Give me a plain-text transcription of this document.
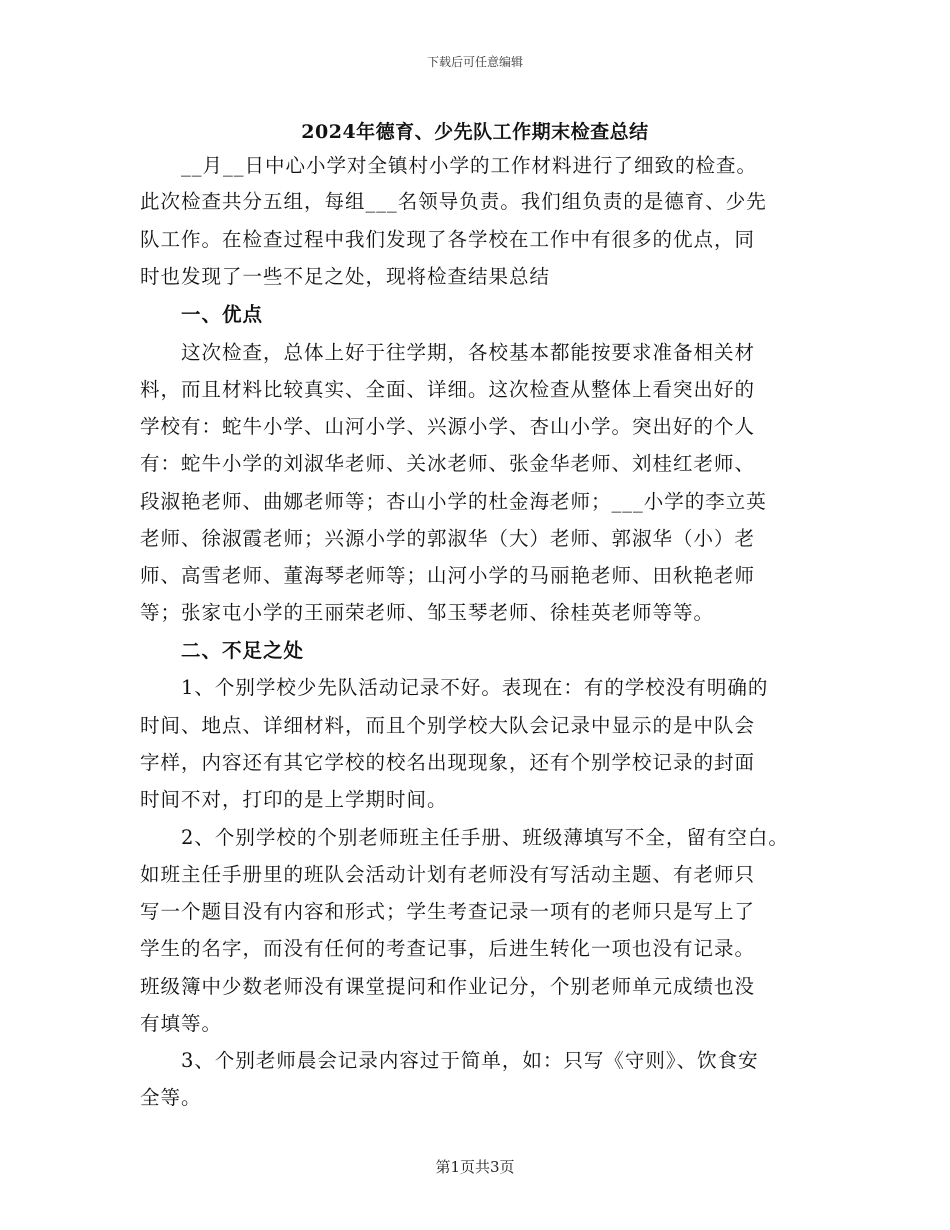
下载后可任意编辑
2024年德育、少先队工作期末检查总结
　　__月__日中心小学对全镇村小学的工作材料进行了细致的检查。
此次检查共分五组，每组___名领导负责。我们组负责的是德育、少先
队工作。在检查过程中我们发现了各学校在工作中有很多的优点，同
时也发现了一些不足之处，现将检查结果总结
　　一、优点
　　这次检查，总体上好于往学期，各校基本都能按要求准备相关材
料，而且材料比较真实、全面、详细。这次检查从整体上看突出好的
学校有：蛇牛小学、山河小学、兴源小学、杏山小学。突出好的个人
有：蛇牛小学的刘淑华老师、关冰老师、张金华老师、刘桂红老师、
段淑艳老师、曲娜老师等；杏山小学的杜金海老师；___小学的李立英
老师、徐淑霞老师；兴源小学的郭淑华（大）老师、郭淑华（小）老
师、高雪老师、董海琴老师等；山河小学的马丽艳老师、田秋艳老师
等；张家屯小学的王丽荣老师、邹玉琴老师、徐桂英老师等等。
　　二、不足之处
　　1、个别学校少先队活动记录不好。表现在：有的学校没有明确的
时间、地点、详细材料，而且个别学校大队会记录中显示的是中队会
字样，内容还有其它学校的校名出现现象，还有个别学校记录的封面
时间不对，打印的是上学期时间。
　　2、个别学校的个别老师班主任手册、班级薄填写不全，留有空白。
如班主任手册里的班队会活动计划有老师没有写活动主题、有老师只
写一个题目没有内容和形式；学生考查记录一项有的老师只是写上了
学生的名字，而没有任何的考查记事，后进生转化一项也没有记录。
班级簿中少数老师没有课堂提问和作业记分，个别老师单元成绩也没
有填等。
　　3、个别老师晨会记录内容过于简单，如：只写《守则》、饮食安
全等。
第1页共3页
